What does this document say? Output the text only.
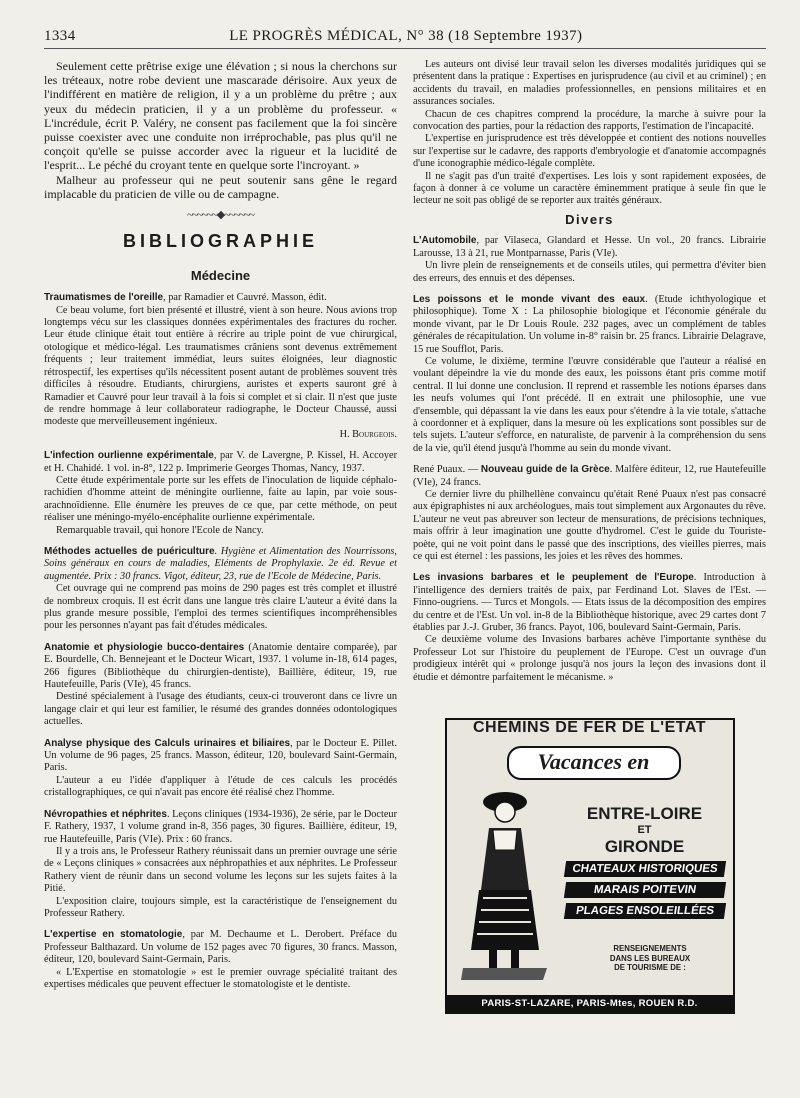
1334	LE PROGRÈS MÉDICAL, N° 38 (18 Septembre 1937)

Seulement cette prêtrise exige une élévation ; si nous la cherchons sur les tréteaux, notre robe devient une mascarade dérisoire. Aux yeux de l'indifférent en matière de religion, il y a un problème du prêtre ; aux yeux du médecin praticien, il y a un problème du professeur. « L'incrédule, écrit P. Valéry, ne consent pas facilement que la foi sincère puisse coexister avec une conduite non irréprochable, pas plus qu'il ne conçoit qu'elle se puisse accorder avec la rigueur et la lucidité de l'esprit... Le péché du croyant tente en quelque sorte l'incroyant. »

Malheur au professeur qui ne peut soutenir sans gêne le regard implacable du praticien de ville ou de campagne.

~~~~~~◆~~~~~~
BIBLIOGRAPHIE
Médecine

Traumatismes de l'oreille, par Ramadier et Cauvré. Masson, édit.

Ce beau volume, fort bien présenté et illustré, vient à son heure. Nous avions trop longtemps vécu sur les classiques données expérimentales des fractures du rocher. Leur étude clinique était tout entière à récrire au triple point de vue chirurgical, otologique et médico-légal. Les traumatismes crâniens sont devenus extrêmement fréquents ; leur traitement immédiat, leurs suites éloignées, leur diagnostic rétrospectif, les expertises qu'ils nécessitent posent autant de problèmes souvent très difficiles à résoudre. Etudiants, chirurgiens, auristes et experts sauront gré à Ramadier et Cauvré pour leur travail à la fois si complet et si clair. Il n'est que juste de rendre hommage à leur collaborateur radiographe, le Docteur Chaussé, aussi modeste que merveilleusement ingénieux.

H. Bourgeois.

L'infection ourlienne expérimentale, par V. de Lavergne, P. Kissel, H. Accoyer et H. Chahidé. 1 vol. in-8°, 122 p. Imprimerie Georges Thomas, Nancy, 1937.

Cette étude expérimentale porte sur les effets de l'inoculation de liquide céphalo-rachidien d'homme atteint de méningite ourlienne, faite au lapin, par voie sous-arachnoïdienne. Elle énumère les preuves de ce que, par cette méthode, on peut réaliser une méningo-myélo-encéphalite ourlienne expérimentale.

Remarquable travail, qui honore l'Ecole de Nancy.

Méthodes actuelles de puériculture. Hygiène et Alimentation des Nourrissons, Soins généraux en cours de maladies, Eléments de Prophylaxie. 2e éd. Revue et augmentée. Prix : 30 francs. Vigot, éditeur, 23, rue de l'Ecole de Médecine, Paris.

Cet ouvrage qui ne comprend pas moins de 290 pages est très complet et illustré de nombreux croquis. Il est écrit dans une langue très claire L'auteur a évité dans la plus grande mesure possible, l'emploi des termes scientifiques incompréhensibles pour les personnes n'ayant pas fait d'études médicales.

Anatomie et physiologie bucco-dentaires (Anatomie dentaire comparée), par E. Bourdelle, Ch. Bennejeant et le Docteur Wicart, 1937. 1 volume in-18, 614 pages, 266 figures (Bibliothèque du chirurgien-dentiste), Baillière, éditeur, 19, rue Hautefeuille, Paris (VIe), 45 francs.

Destiné spécialement à l'usage des étudiants, ceux-ci trouveront dans ce livre un langage clair et qui leur est familier, le résumé des grandes données odontologiques actuelles.

Analyse physique des Calculs urinaires et biliaires, par le Docteur E. Pillet. Un volume de 96 pages, 25 francs. Masson, éditeur, 120, boulevard Saint-Germain, Paris.

L'auteur a eu l'idée d'appliquer à l'étude de ces calculs les procédés cristallographiques, ce qui n'avait pas encore été réalisé chez l'homme.

Névropathies et néphrites. Leçons cliniques (1934-1936), 2e série, par le Docteur F. Rathery, 1937, 1 volume grand in-8, 356 pages, 30 figures. Baillière, éditeur, 19, rue Hautefeuille, Paris (VIe). Prix : 60 francs.

Il y a trois ans, le Professeur Rathery réunissait dans un premier ouvrage une série de « Leçons cliniques » consacrées aux néphropathies et aux néphrites. Le Professeur Rathery vient de réunir dans un second volume les leçons sur les sujets faites à la Pitié.

L'exposition claire, toujours simple, est la caractéristique de l'enseignement du Professeur Rathery.

L'expertise en stomatologie, par M. Dechaume et L. Derobert. Préface du Professeur Balthazard. Un volume de 152 pages avec 70 figures, 30 francs. Masson, éditeur, 120, boulevard Saint-Germain, Paris.

« L'Expertise en stomatologie » est le premier ouvrage spécialité traitant des expertises médicales que peuvent effectuer le stomatologiste et le dentiste.

Les auteurs ont divisé leur travail selon les diverses modalités juridiques qui se présentent dans la pratique : Expertises en jurisprudence (au civil et au criminel) ; en accidents du travail, en maladies professionnelles, en pensions militaires et en assurances sociales.

Chacun de ces chapitres comprend la procédure, la marche à suivre pour la convocation des parties, pour la rédaction des rapports, l'estimation de l'incapacité.

L'expertise en jurisprudence est très développée et contient des notions nouvelles sur l'expertise sur le cadavre, des rapports d'embryologie et d'anatomie accompagnés d'une iconographie médico-légale complète.

Il ne s'agit pas d'un traité d'expertises. Les lois y sont rapidement exposées, de façon à donner à ce volume un caractère éminemment pratique à seule fin que le lecteur ne soit pas obligé de se reporter aux traités généraux.

Divers

L'Automobile, par Vilaseca, Glandard et Hesse. Un vol., 20 francs. Librairie Larousse, 13 à 21, rue Montparnasse, Paris (VIe).

Un livre plein de renseignements et de conseils utiles, qui permettra d'éviter bien des erreurs, des ennuis et des dépenses.

Les poissons et le monde vivant des eaux. (Etude ichthyologique et philosophique). Tome X : La philosophie biologique et l'économie générale du monde vivant, par le Dr Louis Roule. 232 pages, avec un complément de tables générales de récapitulation. Un volume in-8° raisin br. 25 francs. Librairie Delagrave, 15 rue Soufflot, Paris.

Ce volume, le dixième, termine l'œuvre considérable que l'auteur a réalisé en voulant dépeindre la vie du monde des eaux, les poissons étant pris comme motif central. Il lui donne une conclusion. Il reprend et rassemble les notions éparses dans les neufs volumes qui l'ont précédé. Il en extrait une philosophie, une vue d'ensemble, qui dépassant la vie dans les eaux pour s'étendre à la vie totale, s'attache à coordonner et à expliquer, dans la mesure où les explications sont possibles sur de tels sujets. L'auteur s'efforce, en naturaliste, de parvenir à la compréhension du sens de la vie, qu'il étend jusqu'à l'homme au sein du monde vivant.

René Puaux. — Nouveau guide de la Grèce. Malfère éditeur, 12, rue Hautefeuille (VIe), 24 francs.

Ce dernier livre du philhellène convaincu qu'était René Puaux n'est pas consacré aux épigraphistes ni aux archéologues, mais tout simplement aux Argonautes du rêve. L'auteur ne veut pas abreuver son lecteur de mensurations, de précisions techniques, mais offrir à leur imagination une goutte d'hydromel. C'est le guide du Touriste-poète, qui ne voit point dans le passé que des inscriptions, des vieilles pierres, mais ce qui est éternel : les passions, les joies et les rêves des hommes.

Les invasions barbares et le peuplement de l'Europe. Introduction à l'intelligence des derniers traités de paix, par Ferdinand Lot. Slaves de l'Est. — Finno-ougriens. — Turcs et Mongols. — Etats issus de la décomposition des empires du centre et de l'Est. Un vol. in-8 de la Bibliothèque historique, avec 29 cartes dont 7 établies par J.-J. Gruber, 36 francs. Payot, 106, boulevard Saint-Germain, Paris.

Ce deuxième volume des Invasions barbares achève l'importante synthèse du Professeur Lot sur l'histoire du peuplement de l'Europe. C'est un ouvrage d'un prodigieux intérêt qui « prolonge jusqu'à nos jours la leçon des invasions dont il étudie et démontre parfaitement le mécanisme. »

CHEMINS DE FER DE L'ÉTAT
Vacances en
ENTRE-LOIRE
ET
GIRONDE
CHATEAUX HISTORIQUES
MARAIS POITEVIN
PLAGES ENSOLEILLÉES
RENSEIGNEMENTS
DANS LES BUREAUX
DE TOURISME DE :
PARIS-ST-LAZARE, PARIS-Mtes, ROUEN R.D.
